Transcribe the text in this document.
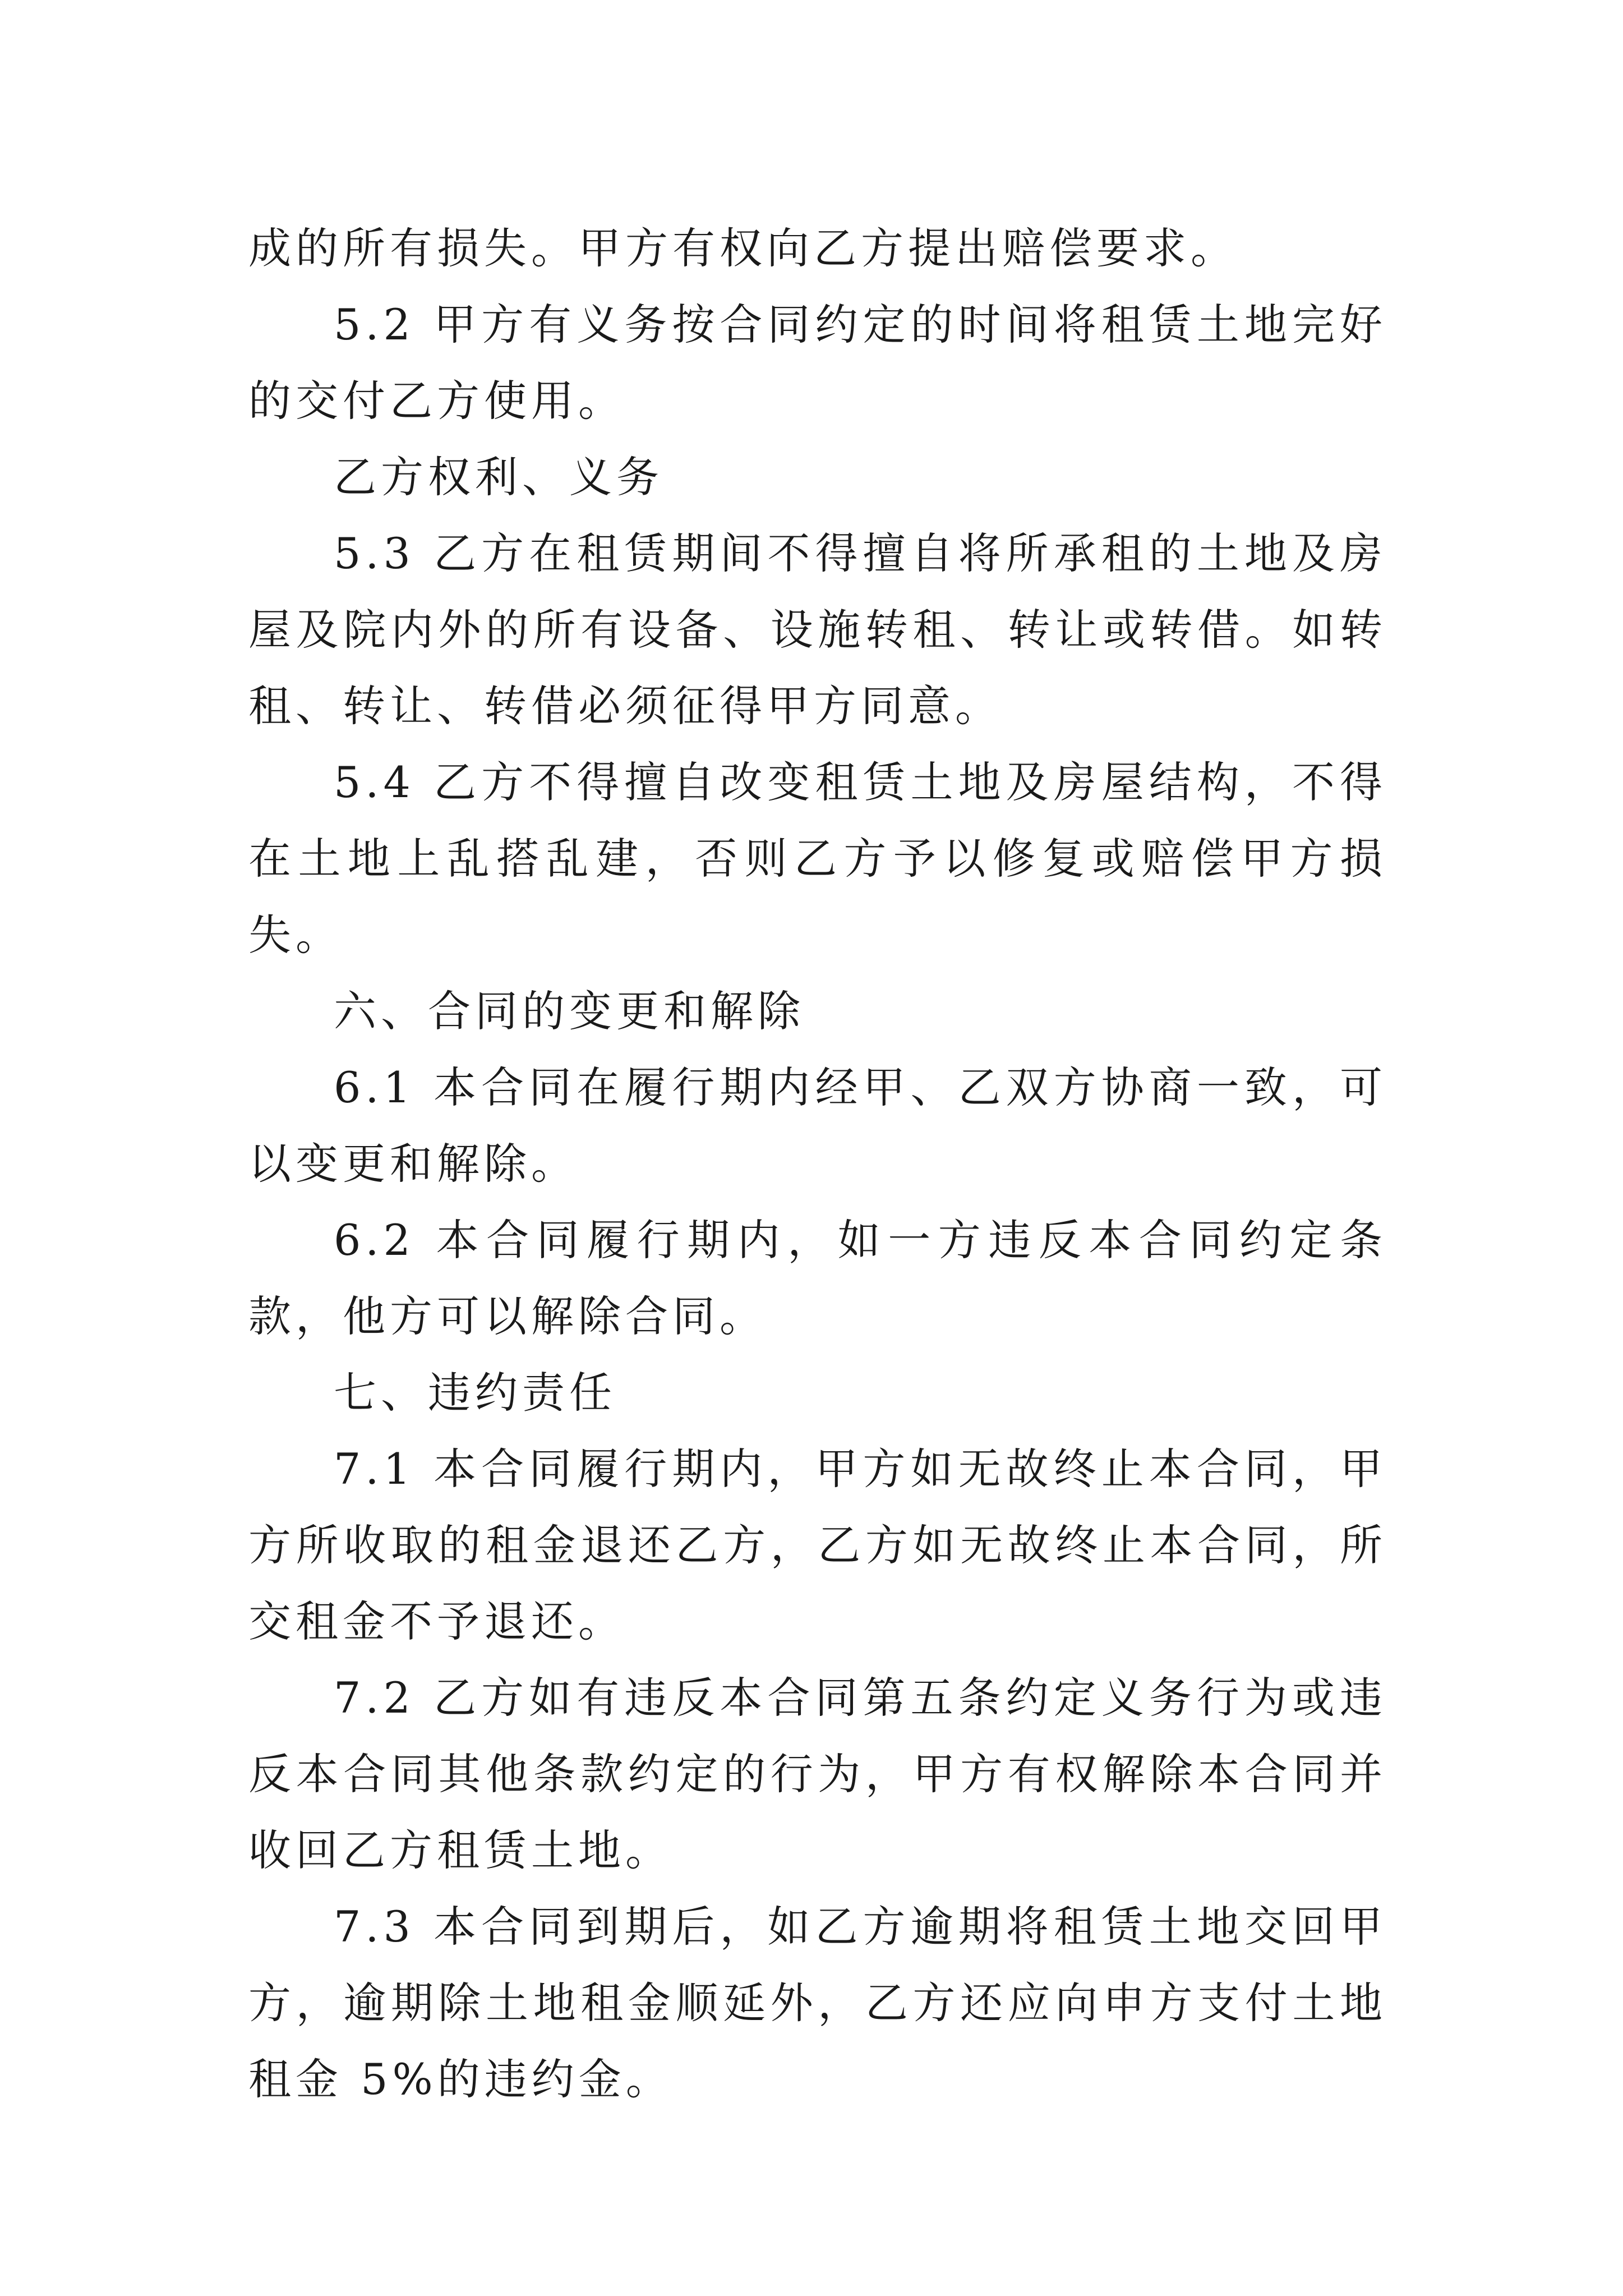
成的所有损失。甲方有权向乙方提出赔偿要求。

5.2 甲方有义务按合同约定的时间将租赁土地完好的交付乙方使用。

乙方权利、义务

5.3 乙方在租赁期间不得擅自将所承租的土地及房屋及院内外的所有设备、设施转租、转让或转借。如转租、转让、转借必须征得甲方同意。

5.4 乙方不得擅自改变租赁土地及房屋结构，不得在土地上乱搭乱建，否则乙方予以修复或赔偿甲方损失。

六、合同的变更和解除

6.1 本合同在履行期内经甲、乙双方协商一致，可以变更和解除。

6.2 本合同履行期内，如一方违反本合同约定条款，他方可以解除合同。

七、违约责任

7.1 本合同履行期内，甲方如无故终止本合同，甲方所收取的租金退还乙方，乙方如无故终止本合同，所交租金不予退还。

7.2 乙方如有违反本合同第五条约定义务行为或违反本合同其他条款约定的行为，甲方有权解除本合同并收回乙方租赁土地。

7.3 本合同到期后，如乙方逾期将租赁土地交回甲方，逾期除土地租金顺延外，乙方还应向申方支付土地租金 5%的违约金。
